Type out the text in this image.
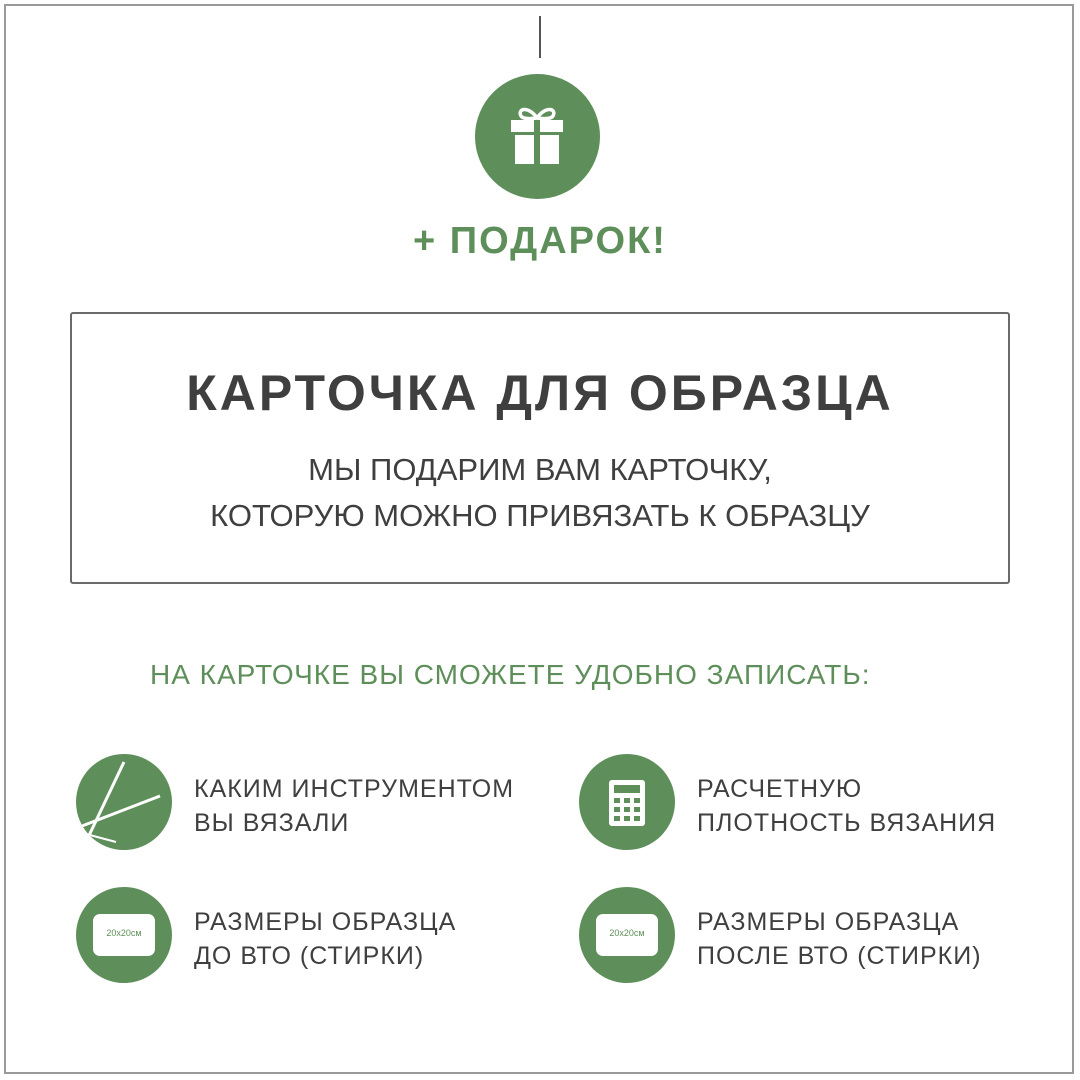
+ ПОДАРОК!
КАРТОЧКА ДЛЯ ОБРАЗЦА
МЫ ПОДАРИМ ВАМ КАРТОЧКУ,
КОТОРУЮ МОЖНО ПРИВЯЗАТЬ К ОБРАЗЦУ
НА КАРТОЧКЕ ВЫ СМОЖЕТЕ УДОБНО ЗАПИСАТЬ:
КАКИМ ИНСТРУМЕНТОМ
ВЫ ВЯЗАЛИ
РАСЧЕТНУЮ
ПЛОТНОСТЬ ВЯЗАНИЯ
20x20см	РАЗМЕРЫ ОБРАЗЦА
ДО ВТО (СТИРКИ)
20x20см	РАЗМЕРЫ ОБРАЗЦА
ПОСЛЕ ВТО (СТИРКИ)
